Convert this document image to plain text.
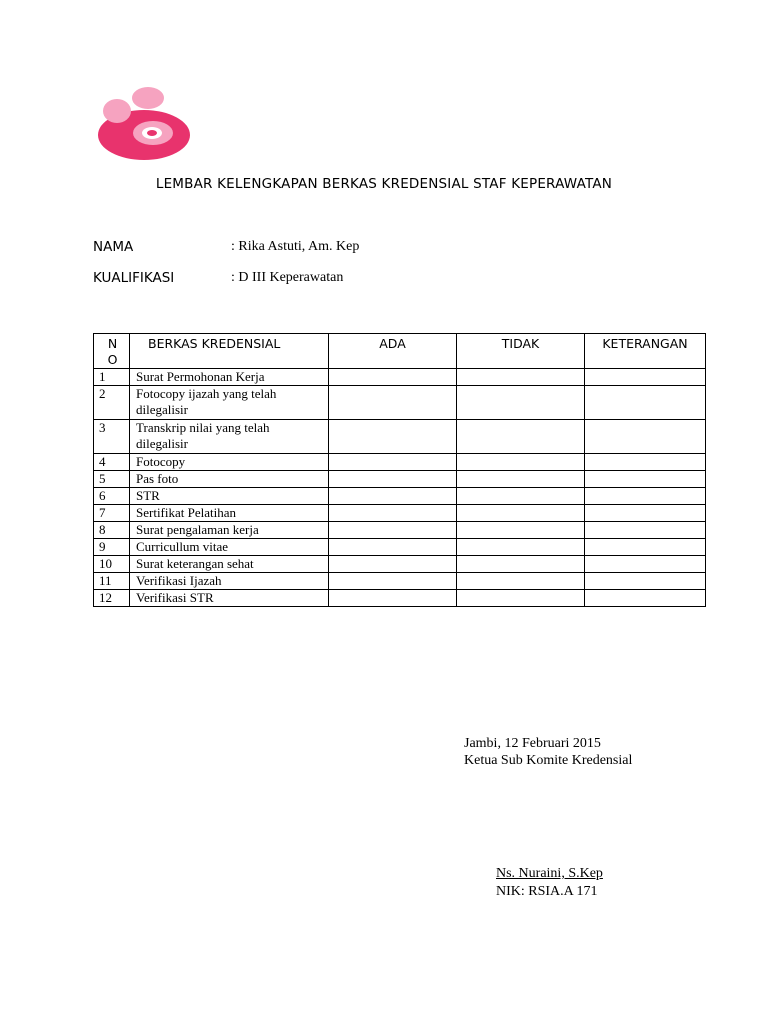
LEMBAR KELENGKAPAN BERKAS KREDENSIAL STAF KEPERAWATAN
NAMA	: Rika Astuti, Am. Kep
KUALIFIKASI	: D III Keperawatan
NO	BERKAS KREDENSIAL	ADA	TIDAK	KETERANGAN
1	Surat Permohonan Kerja			
2	Fotocopy ijazah yang telah dilegalisir			
3	Transkrip nilai yang telah dilegalisir			
4	Fotocopy			
5	Pas foto			
6	STR			
7	Sertifikat Pelatihan			
8	Surat pengalaman kerja			
9	Curricullum vitae			
10	Surat keterangan sehat			
11	Verifikasi Ijazah			
12	Verifikasi STR			
Jambi, 12 Februari 2015
Ketua Sub Komite Kredensial
Ns. Nuraini, S.Kep
NIK: RSIA.A 171
